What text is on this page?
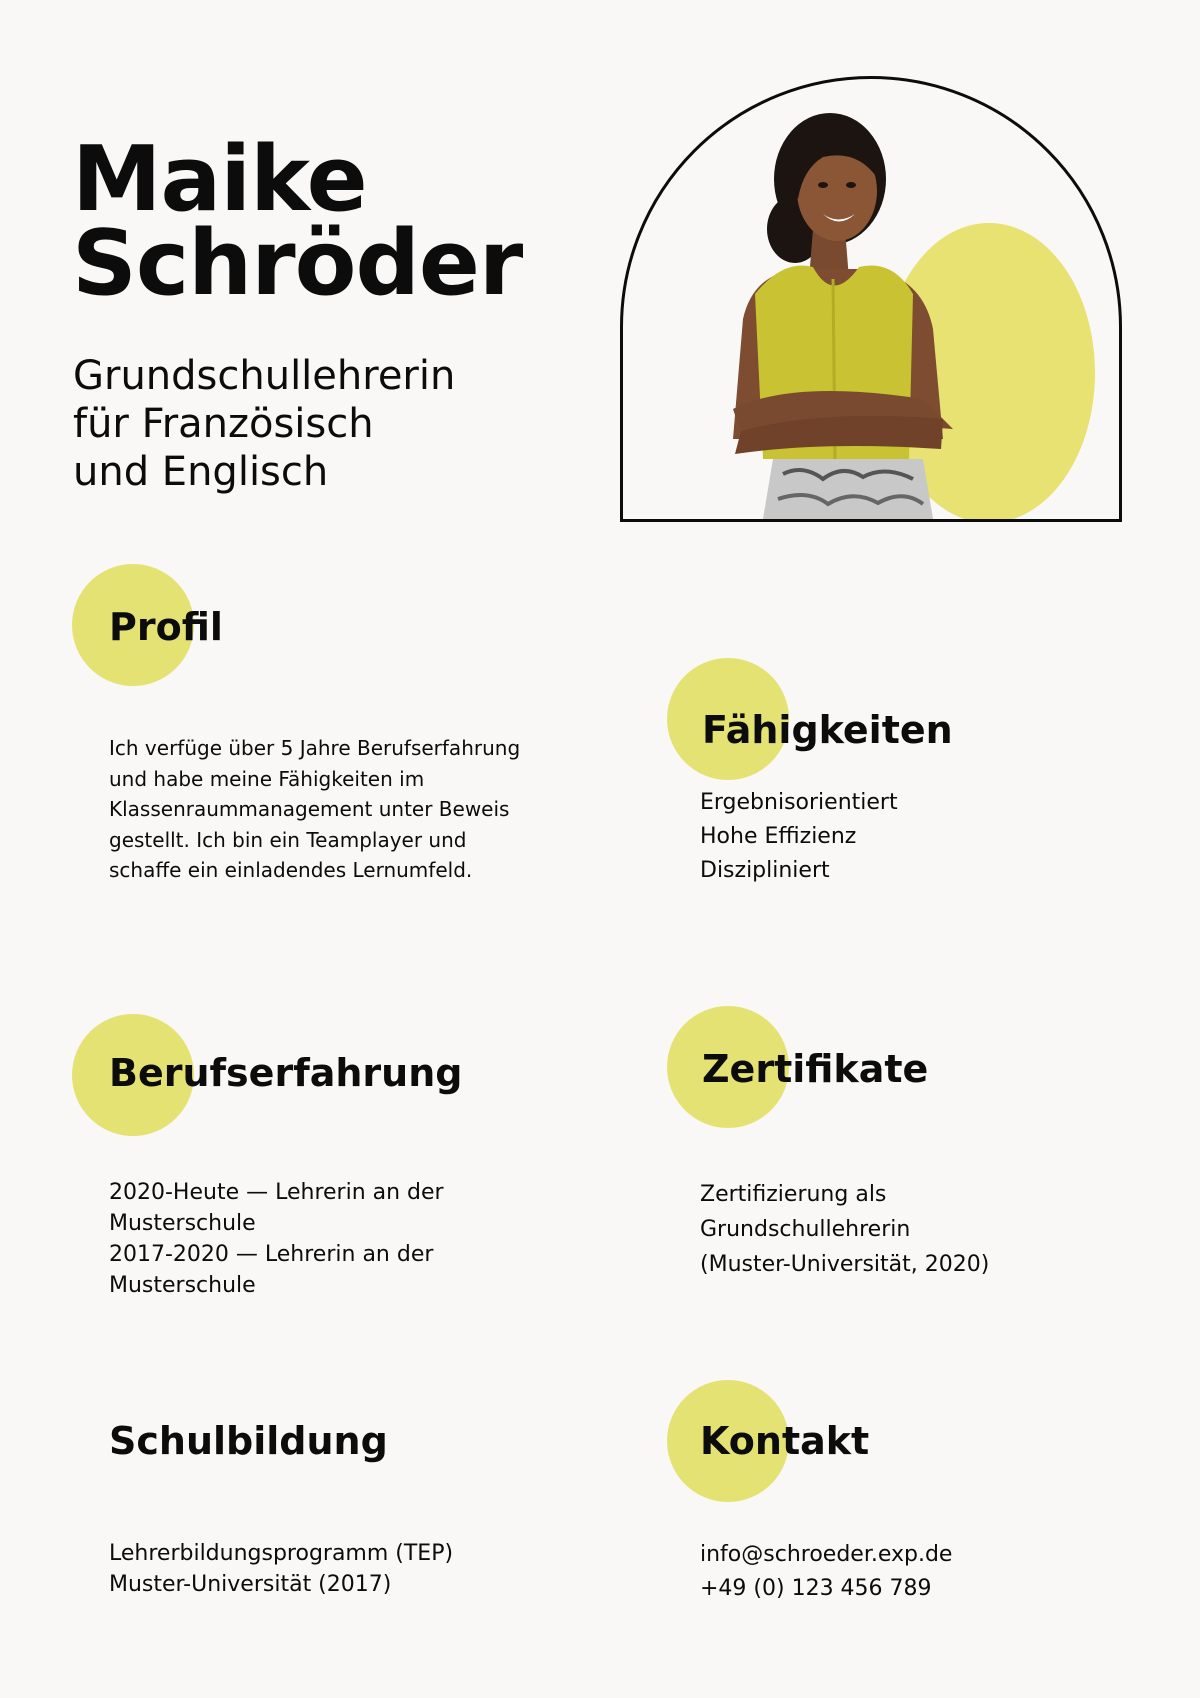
Maike
Schröder
Grundschullehrerin
für Französisch
und Englisch
Profil
Ich verfüge über 5 Jahre Berufserfahrung
und habe meine Fähigkeiten im
Klassenraummanagement unter Beweis
gestellt. Ich bin ein Teamplayer und
schaffe ein einladendes Lernumfeld.
Fähigkeiten
Ergebnisorientiert
Hohe Effizienz
Diszipliniert
Berufserfahrung
2020-Heute — Lehrerin an der
Musterschule
2017-2020 — Lehrerin an der
Musterschule
Zertifikate
Zertifizierung als
Grundschullehrerin
(Muster-Universität, 2020)
Schulbildung
Lehrerbildungsprogramm (TEP)
Muster-Universität (2017)
Kontakt
info@schroeder.exp.de
+49 (0) 123 456 789
